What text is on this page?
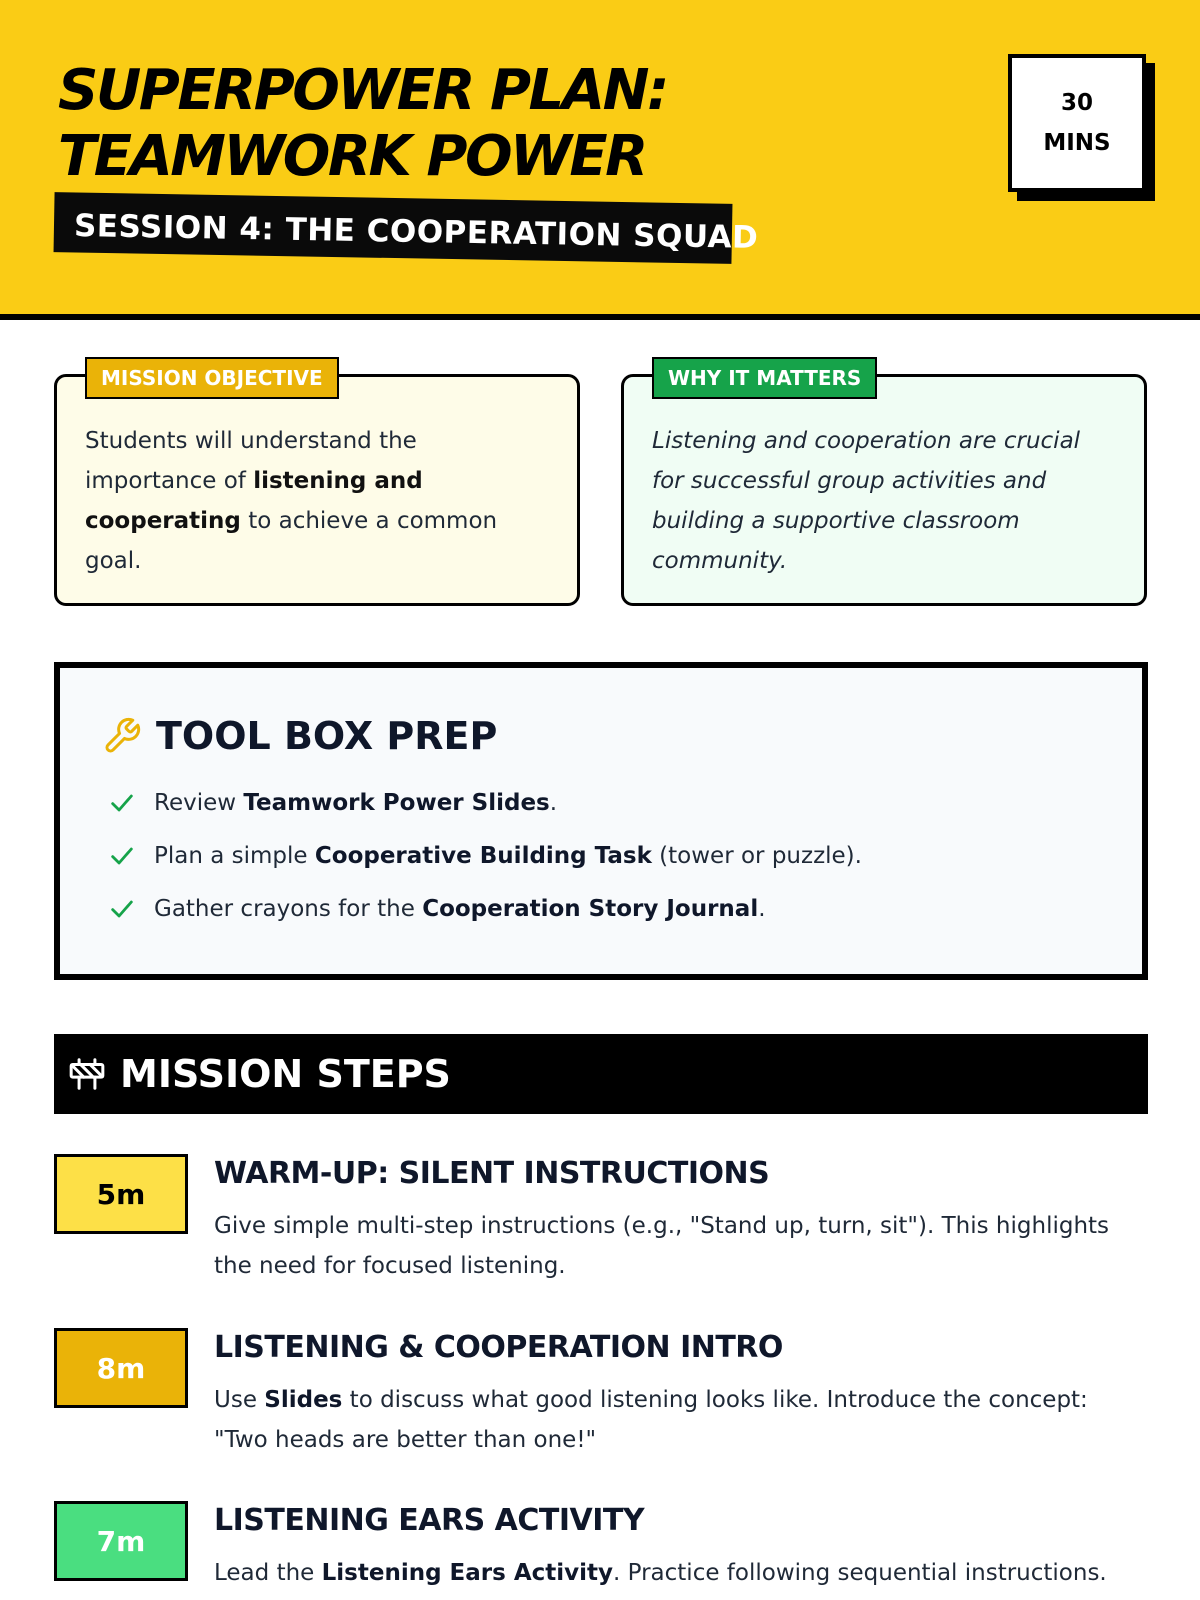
SUPERPOWER PLAN:
TEAMWORK POWER
SESSION 4: THE COOPERATION SQUAD
30
MINS
MISSION OBJECTIVE

Students will understand the importance of listening and cooperating to achieve a common goal.

WHY IT MATTERS

Listening and cooperation are crucial for successful group activities and building a supportive classroom community.

TOOL BOX PREP
Review Teamwork Power Slides.
Plan a simple Cooperative Building Task (tower or puzzle).
Gather crayons for the Cooperation Story Journal.
MISSION STEPS
5m
WARM-UP: SILENT INSTRUCTIONS

Give simple multi-step instructions (e.g., "Stand up, turn, sit"). This highlights the need for focused listening.

8m
LISTENING & COOPERATION INTRO

Use Slides to discuss what good listening looks like. Introduce the concept: "Two heads are better than one!"

7m
LISTENING EARS ACTIVITY

Lead the Listening Ears Activity. Practice following sequential instructions.
